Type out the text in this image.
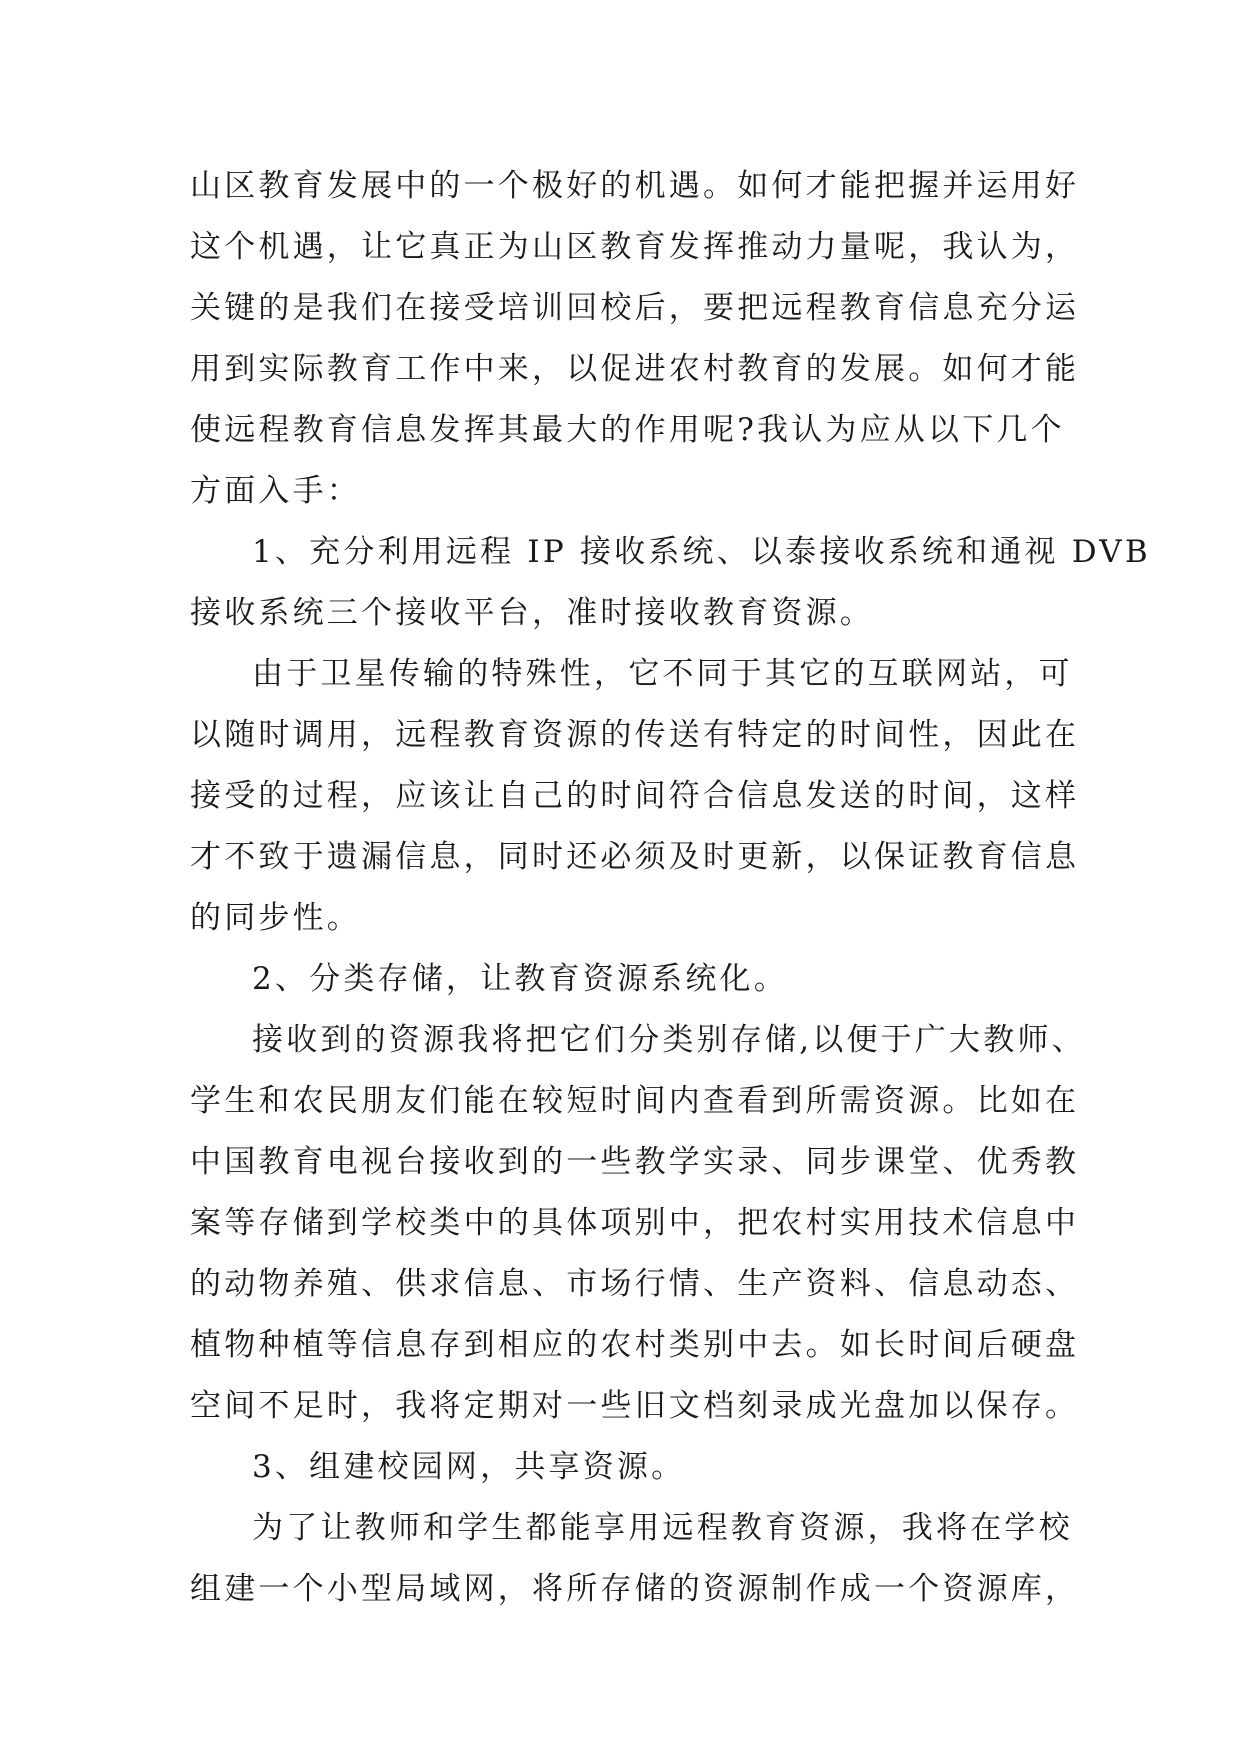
山区教育发展中的一个极好的机遇。如何才能把握并运用好
这个机遇，让它真正为山区教育发挥推动力量呢，我认为，
关键的是我们在接受培训回校后，要把远程教育信息充分运
用到实际教育工作中来，以促进农村教育的发展。如何才能
使远程教育信息发挥其最大的作用呢?我认为应从以下几个
方面入手：
1、充分利用远程 IP 接收系统、以泰接收系统和通视 DVB
接收系统三个接收平台，准时接收教育资源。
由于卫星传输的特殊性，它不同于其它的互联网站，可
以随时调用，远程教育资源的传送有特定的时间性，因此在
接受的过程，应该让自己的时间符合信息发送的时间，这样
才不致于遗漏信息，同时还必须及时更新，以保证教育信息
的同步性。
2、分类存储，让教育资源系统化。
接收到的资源我将把它们分类别存储,以便于广大教师、
学生和农民朋友们能在较短时间内查看到所需资源。比如在
中国教育电视台接收到的一些教学实录、同步课堂、优秀教
案等存储到学校类中的具体项别中，把农村实用技术信息中
的动物养殖、供求信息、市场行情、生产资料、信息动态、
植物种植等信息存到相应的农村类别中去。如长时间后硬盘
空间不足时，我将定期对一些旧文档刻录成光盘加以保存。
3、组建校园网，共享资源。
为了让教师和学生都能享用远程教育资源，我将在学校
组建一个小型局域网，将所存储的资源制作成一个资源库，
